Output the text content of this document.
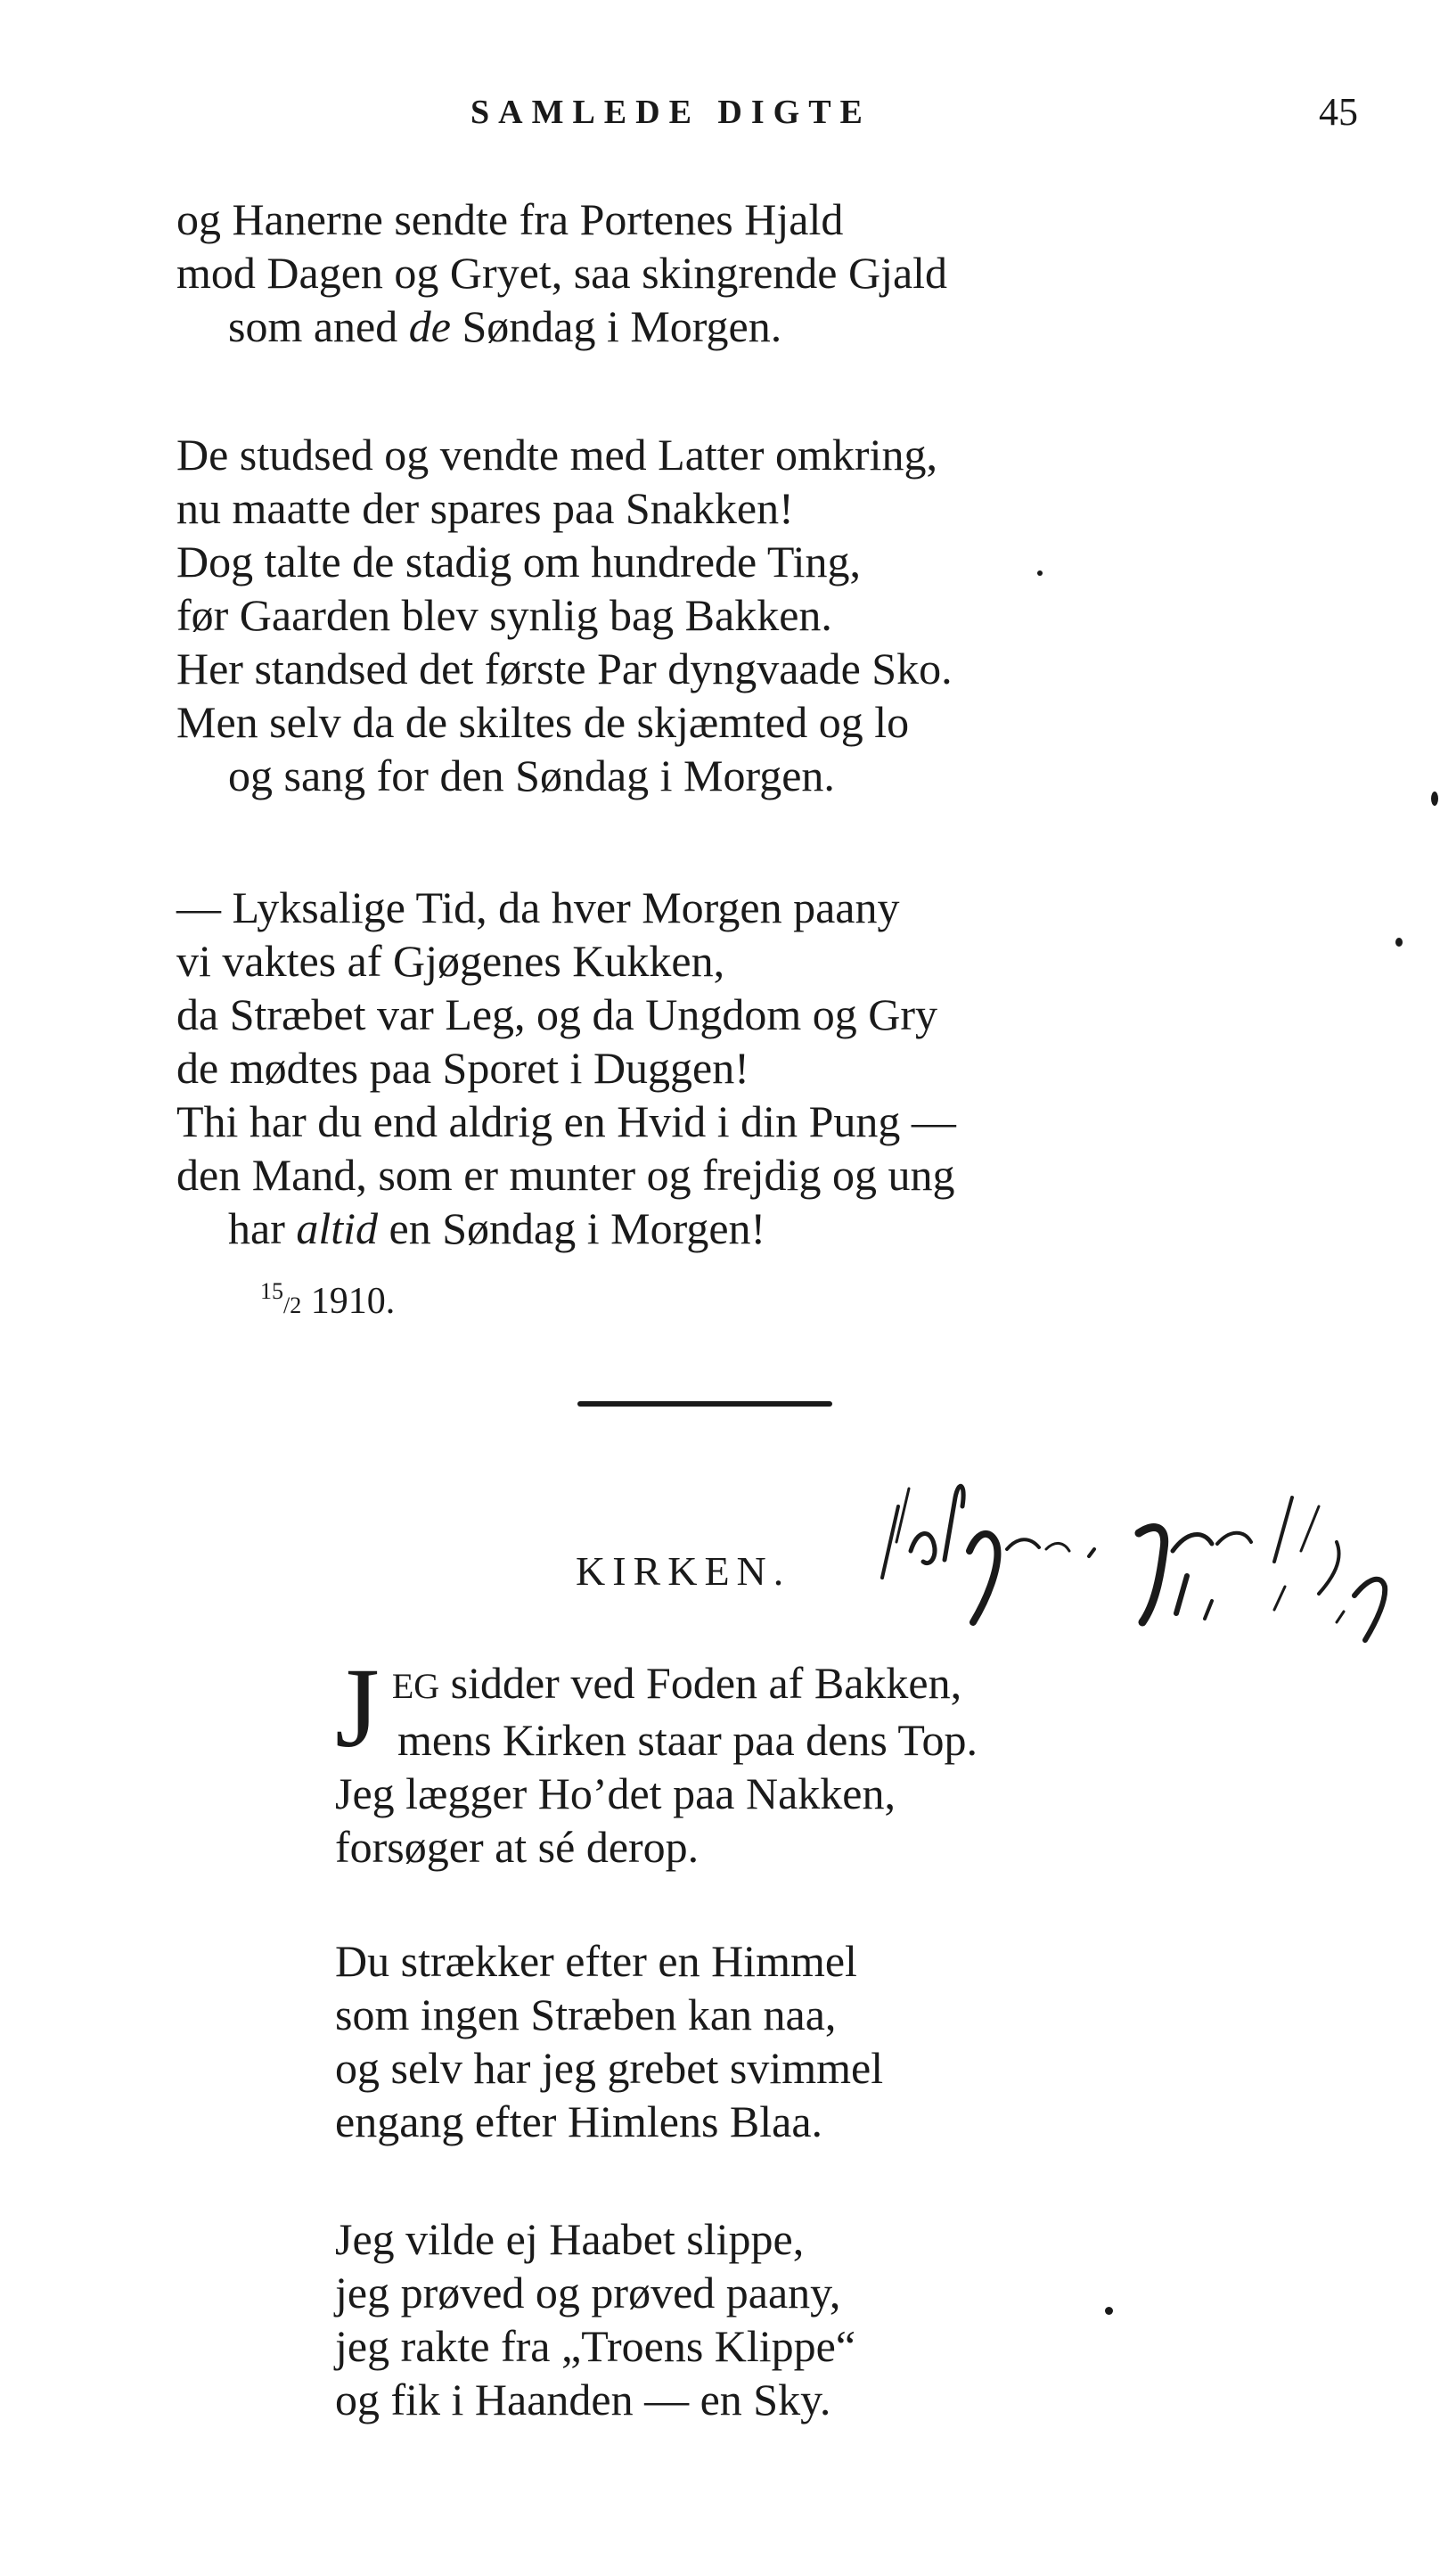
SAMLEDE DIGTE	45
og Hanerne sendte fra Portenes Hjald
mod Dagen og Gryet, saa skingrende Gjald
som aned de Søndag i Morgen.
De studsed og vendte med Latter omkring,
nu maatte der spares paa Snakken!
Dog talte de stadig om hundrede Ting,
før Gaarden blev synlig bag Bakken.
Her standsed det første Par dyngvaade Sko.
Men selv da de skiltes de skjæmted og lo
og sang for den Søndag i Morgen.
— Lyksalige Tid, da hver Morgen paany
vi vaktes af Gjøgenes Kukken,
da Stræbet var Leg, og da Ungdom og Gry
de mødtes paa Sporet i Duggen!
Thi har du end aldrig en Hvid i din Pung —
den Mand, som er munter og frejdig og ung
har altid en Søndag i Morgen!
$^{15}$/2 1910.
KIRKEN.
J EG sidder ved Foden af Bakken,
mens Kirken staar paa dens Top.
Jeg lægger Ho’det paa Nakken,
forsøger at sé derop.
Du strækker efter en Himmel
som ingen Stræben kan naa,
og selv har jeg grebet svimmel
engang efter Himlens Blaa.
Jeg vilde ej Haabet slippe,
jeg prøved og prøved paany,
jeg rakte fra „Troens Klippe“
og fik i Haanden — en Sky.
